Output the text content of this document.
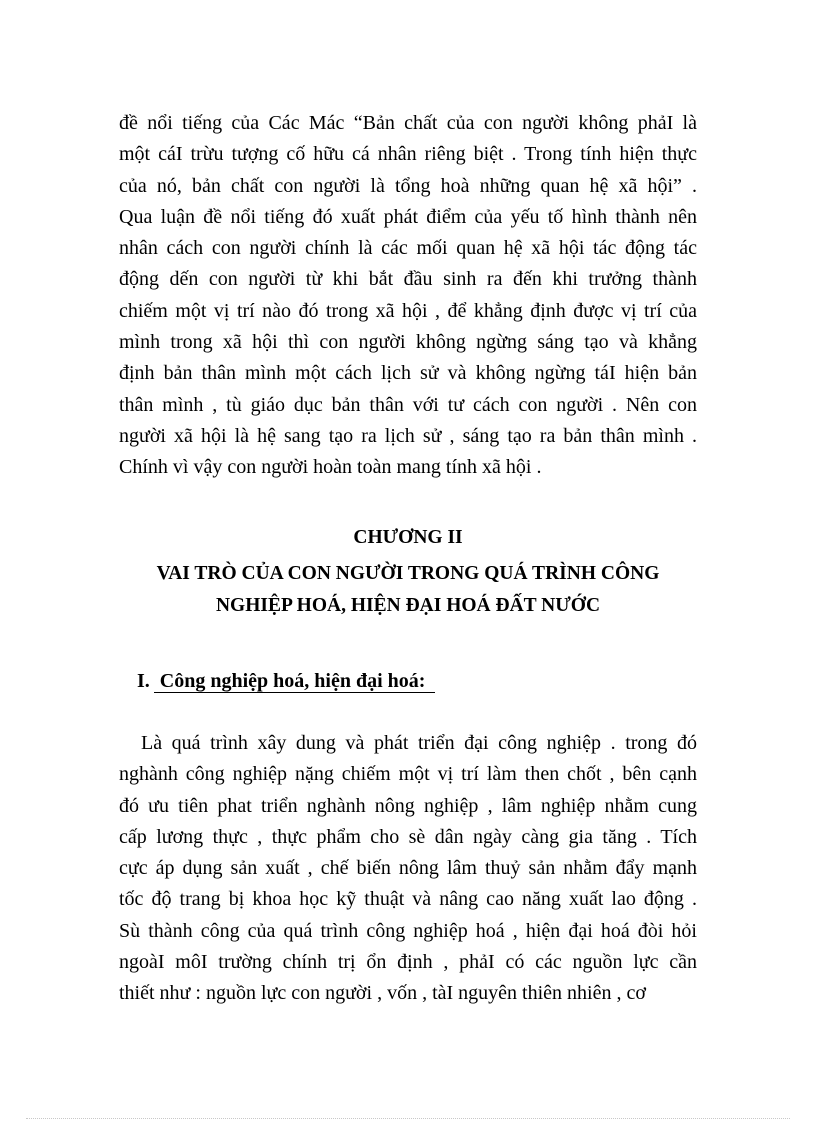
đề nổi tiếng của Các Mác “Bản chất của con người không phảI là
một cáI trừu tượng cố hữu cá nhân riêng biệt . Trong tính hiện thực
của nó, bản chất con người là tổng hoà những quan hệ xã hội” .
Qua luận đề nổi tiếng đó xuất phát điểm của yếu tố hình thành nên
nhân cách con người chính là các mối quan hệ xã hội tác động tác
động dến con người từ khi bắt đầu sinh ra đến khi trưởng thành
chiếm một vị trí nào đó trong xã hội , để khẳng định được vị trí của
mình trong xã hội thì con người không ngừng sáng tạo và khẳng
định bản thân mình một cách lịch sử và không ngừng táI hiện bản
thân mình , tù giáo dục bản thân với tư cách con người . Nên con
người xã hội là hệ sang tạo ra lịch sử , sáng tạo ra bản thân mình .
Chính vì vậy con người hoàn toàn mang tính xã hội .
CHƯƠNG II
VAI TRÒ CỦA CON NGƯỜI TRONG QUÁ TRÌNH CÔNG
NGHIỆP HOÁ, HIỆN ĐẠI HOÁ ĐẤT NƯỚC
I. Công nghiệp hoá, hiện đại hoá:
Là quá trình xây dung và phát triển đại công nghiệp . trong đó
nghành công nghiệp nặng chiếm một vị trí làm then chốt , bên cạnh
đó ưu tiên phat triển nghành nông nghiệp , lâm nghiệp nhằm cung
cấp lương thực , thực phẩm cho sè dân ngày càng gia tăng . Tích
cực áp dụng sản xuất , chế biến nông lâm thuỷ sản nhằm đẩy mạnh
tốc độ trang bị khoa học kỹ thuật và nâng cao năng xuất lao động .
Sù thành công của quá trình công nghiệp hoá , hiện đại hoá đòi hỏi
ngoàI môI trường chính trị ổn định , phảI có các nguồn lực cần
thiết như : nguồn lực con người , vốn , tàI nguyên thiên nhiên , cơ
